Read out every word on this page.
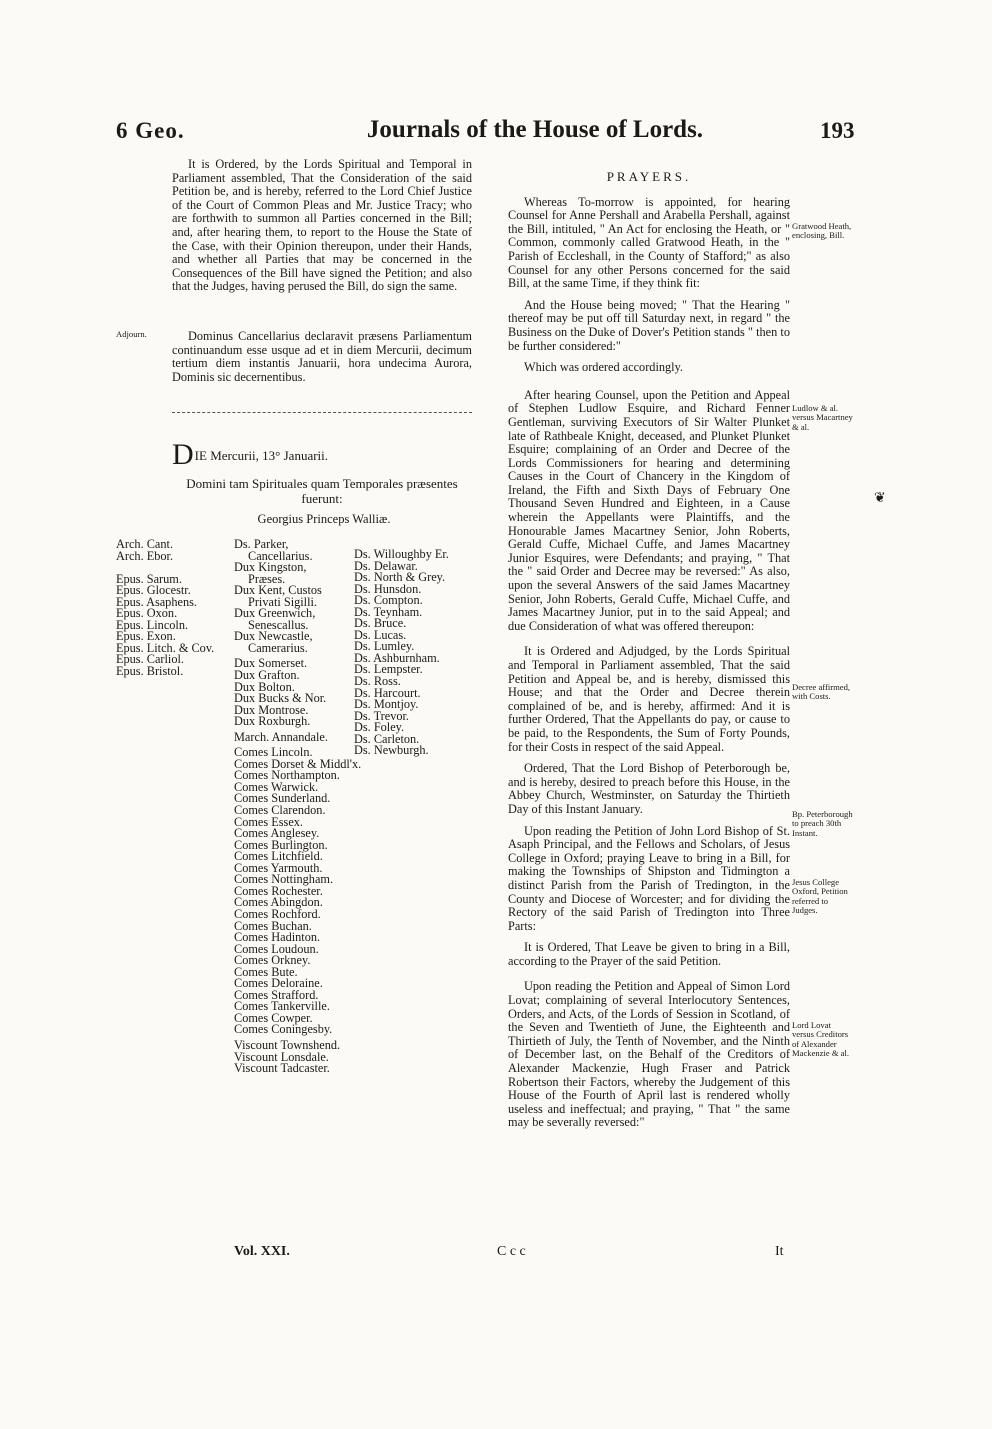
6 Geo.	Journals of the House of Lords.	193

It is Ordered, by the Lords Spiritual and Temporal in Parliament assembled, That the Consideration of the said Petition be, and is hereby, referred to the Lord Chief Justice of the Court of Common Pleas and Mr. Justice Tracy; who are forthwith to summon all Parties concerned in the Bill; and, after hearing them, to report to the House the State of the Case, with their Opinion thereupon, under their Hands, and whether all Parties that may be concerned in the Consequences of the Bill have signed the Petition; and also that the Judges, having perused the Bill, do sign the same.

Adjourn.	Dominus Cancellarius declaravit præsens Parliamentum continuandum esse usque ad et in diem Mercurii, decimum tertium diem instantis Januarii, hora undecima Aurora, Dominis sic decernentibus.

DIE Mercurii, 13° Januarii.
Domini tam Spirituales quam Temporales præsentes fuerunt:
Georgius Princeps Walliæ.
Arch. Cant.
Arch. Ebor.

Epus. Sarum.
Epus. Glocestr.
Epus. Asaphens.
Epus. Oxon.
Epus. Lincoln.
Epus. Exon.
Epus. Litch. & Cov.
Epus. Carliol.
Epus. Bristol.
Ds. Parker,
Cancellarius.
Dux Kingston,
Præses.
Dux Kent, Custos
Privati Sigilli.
Dux Greenwich,
Senescallus.
Dux Newcastle,
Camerarius.
Dux Somerset.
Dux Grafton.
Dux Bolton.
Dux Bucks & Nor.
Dux Montrose.
Dux Roxburgh.
March. Annandale.
Comes Lincoln.
Comes Dorset & Middl'x.
Comes Northampton.
Comes Warwick.
Comes Sunderland.
Comes Clarendon.
Comes Essex.
Comes Anglesey.
Comes Burlington.
Comes Litchfield.
Comes Yarmouth.
Comes Nottingham.
Comes Rochester.
Comes Abingdon.
Comes Rochford.
Comes Buchan.
Comes Hadinton.
Comes Loudoun.
Comes Orkney.
Comes Bute.
Comes Deloraine.
Comes Strafford.
Comes Tankerville.
Comes Cowper.
Comes Coningesby.
Viscount Townshend.
Viscount Lonsdale.
Viscount Tadcaster.
Ds. Willoughby Er.
Ds. Delawar.
Ds. North & Grey.
Ds. Hunsdon.
Ds. Compton.
Ds. Teynham.
Ds. Bruce.
Ds. Lucas.
Ds. Lumley.
Ds. Ashburnham.
Ds. Lempster.
Ds. Ross.
Ds. Harcourt.
Ds. Montjoy.
Ds. Trevor.
Ds. Foley.
Ds. Carleton.
Ds. Newburgh.

PRAYERS.

Whereas To-morrow is appointed, for hearing Counsel for Anne Pershall and Arabella Pershall, against the Bill, intituled, " An Act for enclosing the Heath, or " Common, commonly called Gratwood Heath, in the " Parish of Eccleshall, in the County of Stafford;" as also Counsel for any other Persons concerned for the said Bill, at the same Time, if they think fit:

And the House being moved; " That the Hearing " thereof may be put off till Saturday next, in regard " the Business on the Duke of Dover's Petition stands " then to be further considered:"

Which was ordered accordingly.

After hearing Counsel, upon the Petition and Appeal of Stephen Ludlow Esquire, and Richard Fenner Gentleman, surviving Executors of Sir Walter Plunket late of Rathbeale Knight, deceased, and Plunket Plunket Esquire; complaining of an Order and Decree of the Lords Commissioners for hearing and determining Causes in the Court of Chancery in the Kingdom of Ireland, the Fifth and Sixth Days of February One Thousand Seven Hundred and Eighteen, in a Cause wherein the Appellants were Plaintiffs, and the Honourable James Macartney Senior, John Roberts, Gerald Cuffe, Michael Cuffe, and James Macartney Junior Esquires, were Defendants; and praying, " That the " said Order and Decree may be reversed:" As also, upon the several Answers of the said James Macartney Senior, John Roberts, Gerald Cuffe, Michael Cuffe, and James Macartney Junior, put in to the said Appeal; and due Consideration of what was offered thereupon:

It is Ordered and Adjudged, by the Lords Spiritual and Temporal in Parliament assembled, That the said Petition and Appeal be, and is hereby, dismissed this House; and that the Order and Decree therein complained of be, and is hereby, affirmed: And it is further Ordered, That the Appellants do pay, or cause to be paid, to the Respondents, the Sum of Forty Pounds, for their Costs in respect of the said Appeal.

Ordered, That the Lord Bishop of Peterborough be, and is hereby, desired to preach before this House, in the Abbey Church, Westminster, on Saturday the Thirtieth Day of this Instant January.

Upon reading the Petition of John Lord Bishop of St. Asaph Principal, and the Fellows and Scholars, of Jesus College in Oxford; praying Leave to bring in a Bill, for making the Townships of Shipston and Tidmington a distinct Parish from the Parish of Tredington, in the County and Diocese of Worcester; and for dividing the Rectory of the said Parish of Tredington into Three Parts:

It is Ordered, That Leave be given to bring in a Bill, according to the Prayer of the said Petition.

Upon reading the Petition and Appeal of Simon Lord Lovat; complaining of several Interlocutory Sentences, Orders, and Acts, of the Lords of Session in Scotland, of the Seven and Twentieth of June, the Eighteenth and Thirtieth of July, the Tenth of November, and the Ninth of December last, on the Behalf of the Creditors of Alexander Mackenzie, Hugh Fraser and Patrick Robertson their Factors, whereby the Judgement of this House of the Fourth of April last is rendered wholly useless and ineffectual; and praying, " That " the same may be severally reversed:"

Gratwood Heath, enclosing, Bill.
Ludlow & al. versus Macartney & al.
Decree affirmed, with Costs.
Bp. Peterborough to preach 30th Instant.
Jesus College Oxford, Petition referred to Judges.
Lord Lovat versus Creditors of Alexander Mackenzie & al.
❦
Vol. XXI.	C c c	It
